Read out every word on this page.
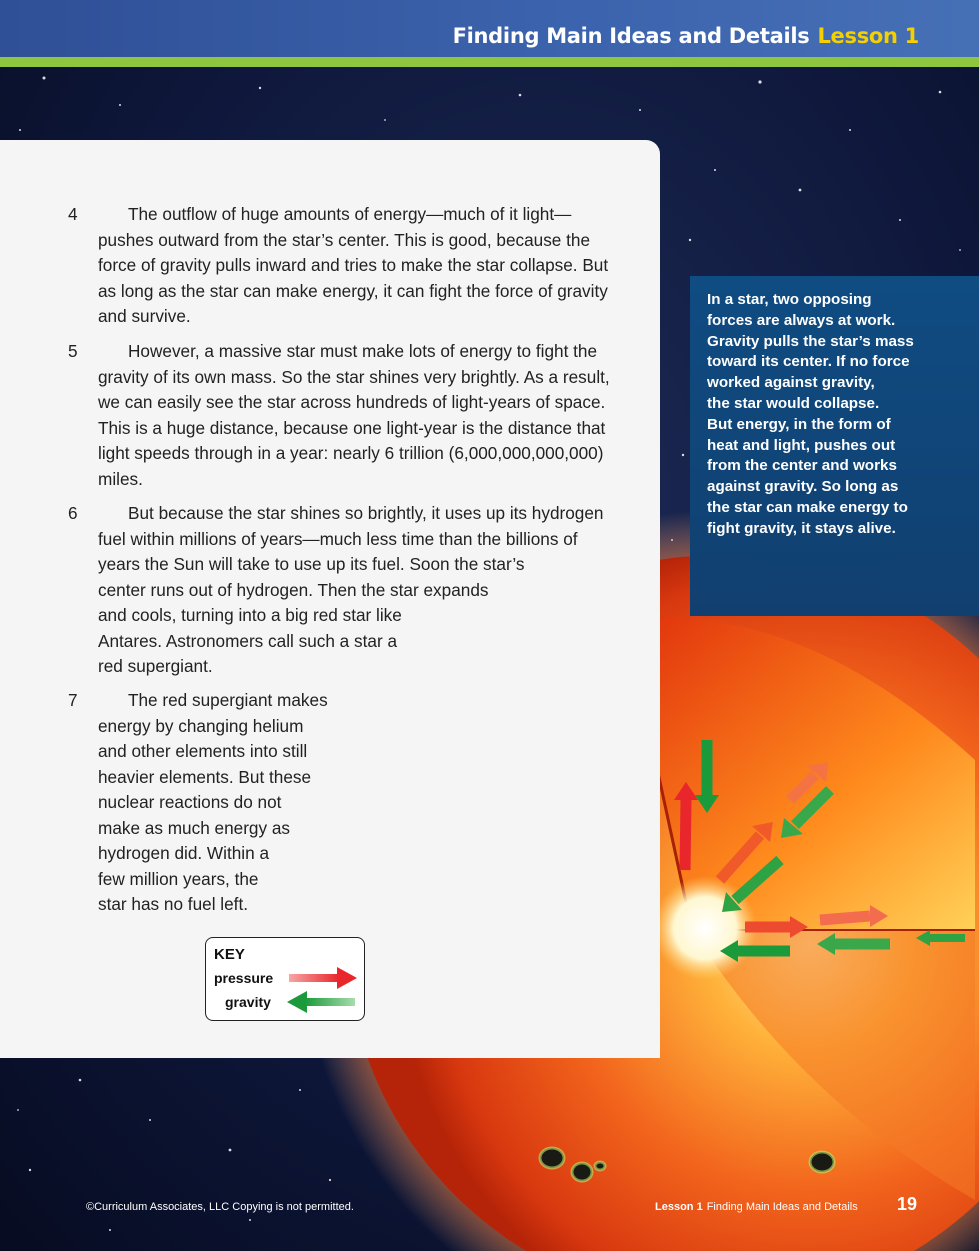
Finding Main Ideas and Details Lesson 1
4	The outflow of huge amounts of energy—much of it light—
pushes outward from the star’s center. This is good, because the
force of gravity pulls inward and tries to make the star collapse. But
as long as the star can make energy, it can fight the force of gravity
and survive.
5	However, a massive star must make lots of energy to fight the
gravity of its own mass. So the star shines very brightly. As a result,
we can easily see the star across hundreds of light-years of space.
This is a huge distance, because one light-year is the distance that
light speeds through in a year: nearly 6 trillion (6,000,000,000,000)
miles.
6	But because the star shines so brightly, it uses up its hydrogen
fuel within millions of years—much less time than the billions of
years the Sun will take to use up its fuel. Soon the star’s
center runs out of hydrogen. Then the star expands
and cools, turning into a big red star like
Antares. Astronomers call such a star a
red supergiant.
7	The red supergiant makes
energy by changing helium
and other elements into still
heavier elements. But these
nuclear reactions do not
make as much energy as
hydrogen did. Within a
few million years, the
star has no fuel left.
In a star, two opposing
forces are always at work.
Gravity pulls the star’s mass
toward its center. If no force
worked against gravity,
the star would collapse.
But energy, in the form of
heat and light, pushes out
from the center and works
against gravity. So long as
the star can make energy to
fight gravity, it stays alive.
KEY
pressure
gravity
©Curriculum Associates, LLC Copying is not permitted.	Lesson 1 Finding Main Ideas and Details 19
